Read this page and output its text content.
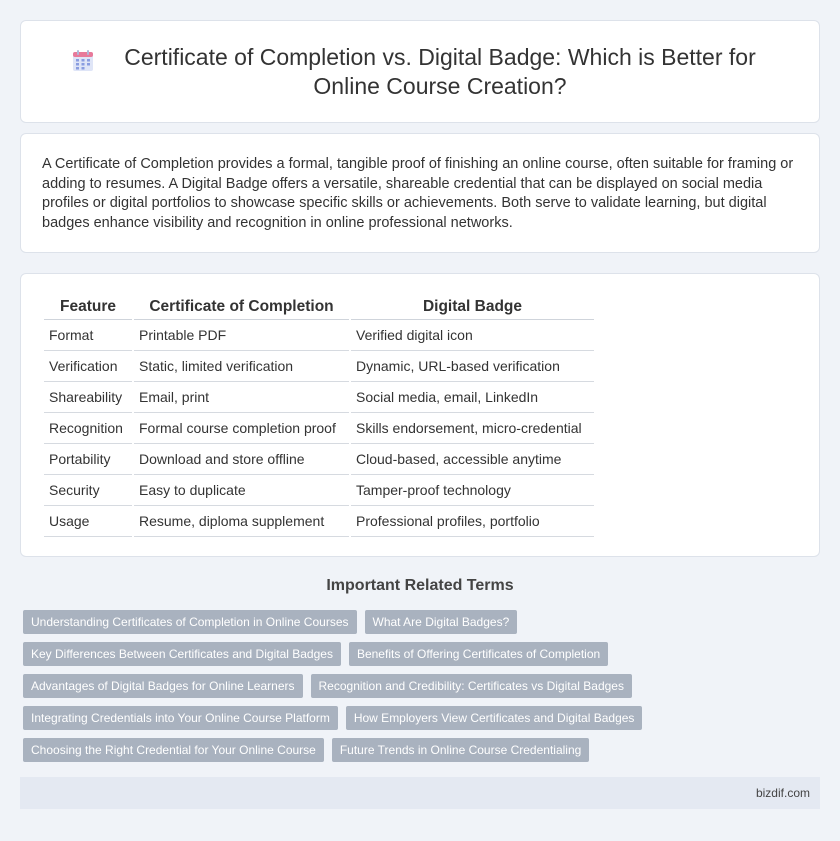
Certificate of Completion vs. Digital Badge: Which is Better for Online Course Creation?

A Certificate of Completion provides a formal, tangible proof of finishing an online course, often suitable for framing or adding to resumes. A Digital Badge offers a versatile, shareable credential that can be displayed on social media profiles or digital portfolios to showcase specific skills or achievements. Both serve to validate learning, but digital badges enhance visibility and recognition in online professional networks.

Feature	Certificate of Completion	Digital Badge
Format	Printable PDF	Verified digital icon
Verification	Static, limited verification	Dynamic, URL-based verification
Shareability	Email, print	Social media, email, LinkedIn
Recognition	Formal course completion proof	Skills endorsement, micro-credential
Portability	Download and store offline	Cloud-based, accessible anytime
Security	Easy to duplicate	Tamper-proof technology
Usage	Resume, diploma supplement	Professional profiles, portfolio
Important Related Terms
Understanding Certificates of Completion in Online Courses	What Are Digital Badges?
Key Differences Between Certificates and Digital Badges	Benefits of Offering Certificates of Completion
Advantages of Digital Badges for Online Learners	Recognition and Credibility: Certificates vs Digital Badges
Integrating Credentials into Your Online Course Platform	How Employers View Certificates and Digital Badges
Choosing the Right Credential for Your Online Course	Future Trends in Online Course Credentialing
bizdif.com
